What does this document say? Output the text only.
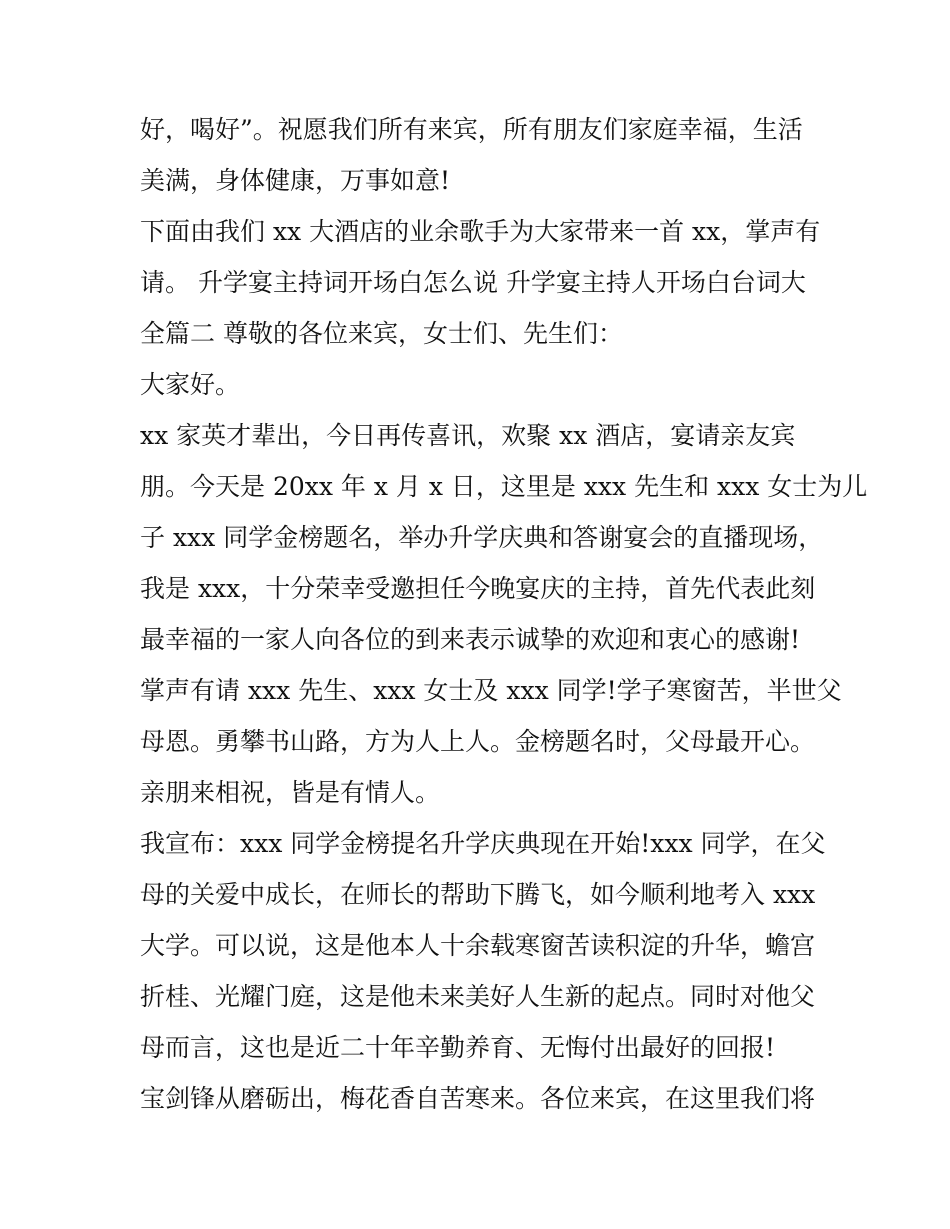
好，喝好”。祝愿我们所有来宾，所有朋友们家庭幸福，生活
美满，身体健康，万事如意!
下面由我们 xx 大酒店的业余歌手为大家带来一首 xx，掌声有
请。 升学宴主持词开场白怎么说 升学宴主持人开场白台词大
全篇二 尊敬的各位来宾，女士们、先生们：
大家好。
xx 家英才辈出，今日再传喜讯，欢聚 xx 酒店，宴请亲友宾
朋。今天是 20xx 年 x 月 x 日，这里是 xxx 先生和 xxx 女士为儿
子 xxx 同学金榜题名，举办升学庆典和答谢宴会的直播现场，
我是 xxx，十分荣幸受邀担任今晚宴庆的主持，首先代表此刻
最幸福的一家人向各位的到来表示诚挚的欢迎和衷心的感谢!
掌声有请 xxx 先生、xxx 女士及 xxx 同学!学子寒窗苦，半世父
母恩。勇攀书山路，方为人上人。金榜题名时，父母最开心。
亲朋来相祝，皆是有情人。
我宣布：xxx 同学金榜提名升学庆典现在开始!xxx 同学，在父
母的关爱中成长，在师长的帮助下腾飞，如今顺利地考入 xxx
大学。可以说，这是他本人十余载寒窗苦读积淀的升华，蟾宫
折桂、光耀门庭，这是他未来美好人生新的起点。同时对他父
母而言，这也是近二十年辛勤养育、无悔付出最好的回报!
宝剑锋从磨砺出，梅花香自苦寒来。各位来宾，在这里我们将
